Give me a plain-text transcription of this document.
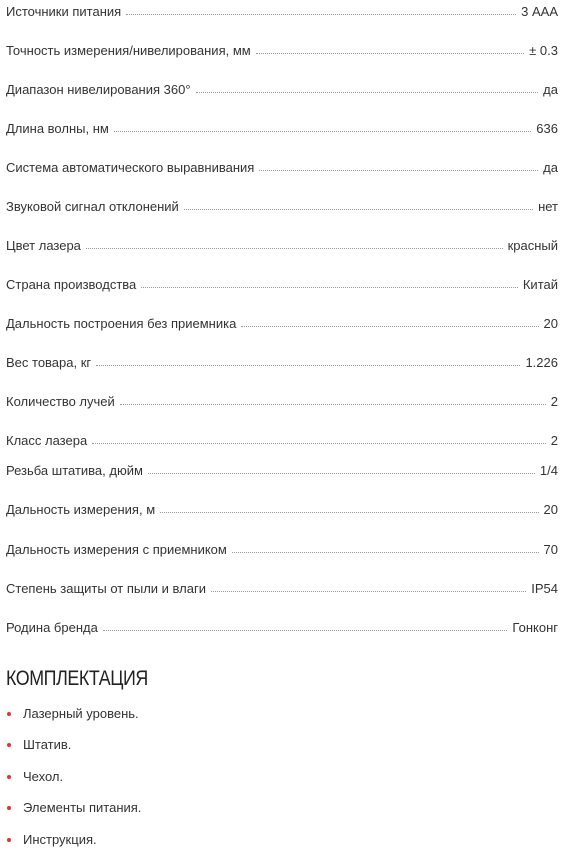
Источники питания	3 ААА
Точность измерения/нивелирования, мм	± 0.3
Диапазон нивелирования 360°	да
Длина волны, нм	636
Система автоматического выравнивания	да
Звуковой сигнал отклонений	нет
Цвет лазера	красный
Страна производства	Китай
Дальность построения без приемника	20
Вес товара, кг	1.226
Количество лучей	2
Класс лазера	2
Резьба штатива, дюйм	1/4
Дальность измерения, м	20
Дальность измерения с приемником	70
Степень защиты от пыли и влаги	IP54
Родина бренда	Гонконг
КОМПЛЕКТАЦИЯ
Лазерный уровень.
Штатив.
Чехол.
Элементы питания.
Инструкция.
